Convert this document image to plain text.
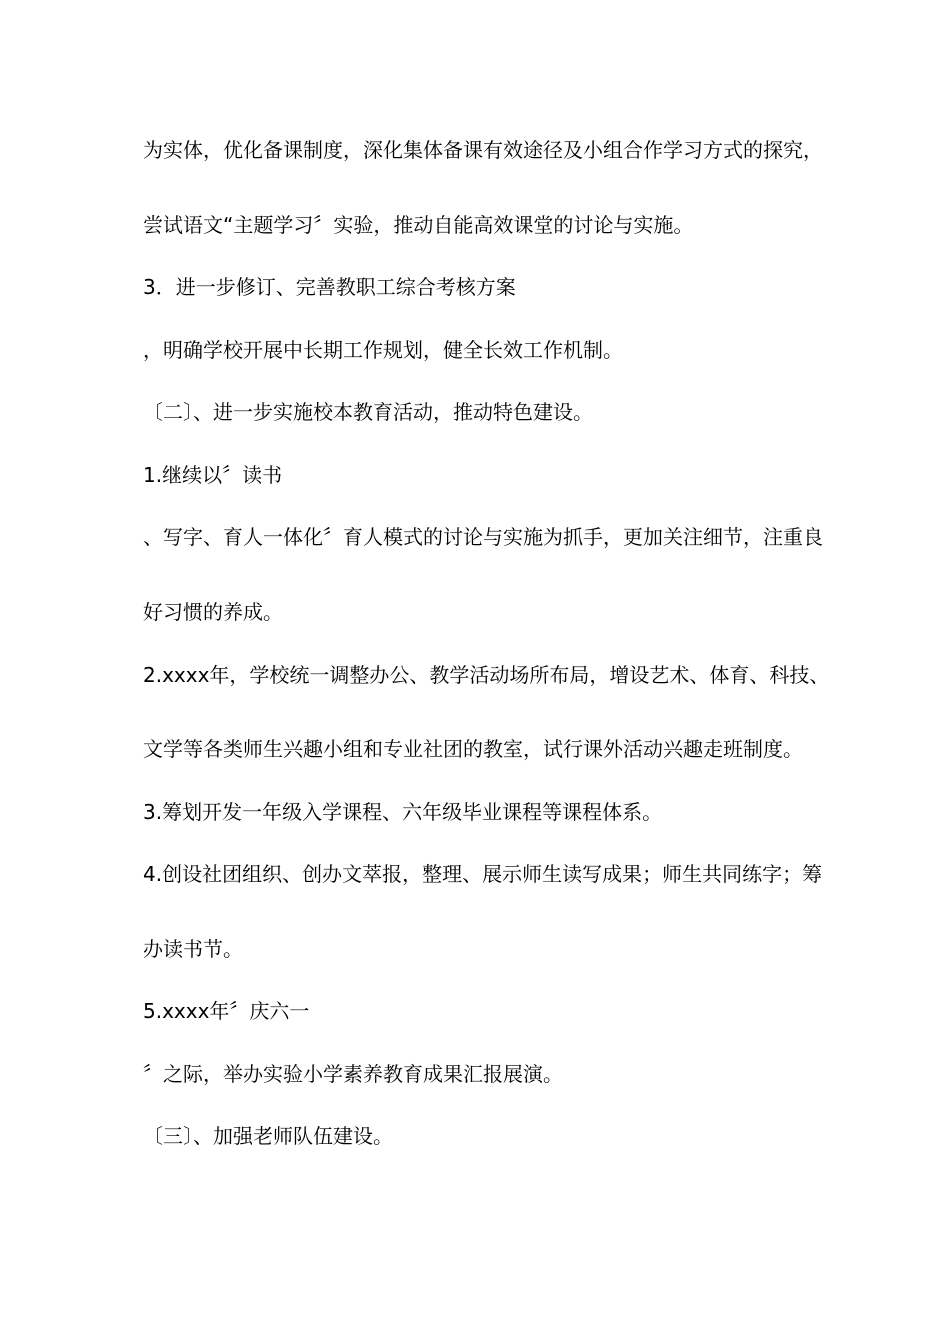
为实体，优化备课制度，深化集体备课有效途径及小组合作学习方式的探究，
尝试语文“主题学习〞实验，推动自能高效课堂的讨论与实施。
3．进一步修订、完善教职工综合考核方案
，明确学校开展中长期工作规划，健全长效工作机制。
〔二〕、进一步实施校本教育活动，推动特色建设。
1.继续以〞读书
、写字、育人一体化〞育人模式的讨论与实施为抓手，更加关注细节，注重良
好习惯的养成。
2.xxxx年，学校统一调整办公、教学活动场所布局，增设艺术、体育、科技、
文学等各类师生兴趣小组和专业社团的教室，试行课外活动兴趣走班制度。
3.筹划开发一年级入学课程、六年级毕业课程等课程体系。
4.创设社团组织、创办文萃报，整理、展示师生读写成果；师生共同练字；筹
办读书节。
5.xxxx年〞庆六一
〞之际，举办实验小学素养教育成果汇报展演。
〔三〕、加强老师队伍建设。
